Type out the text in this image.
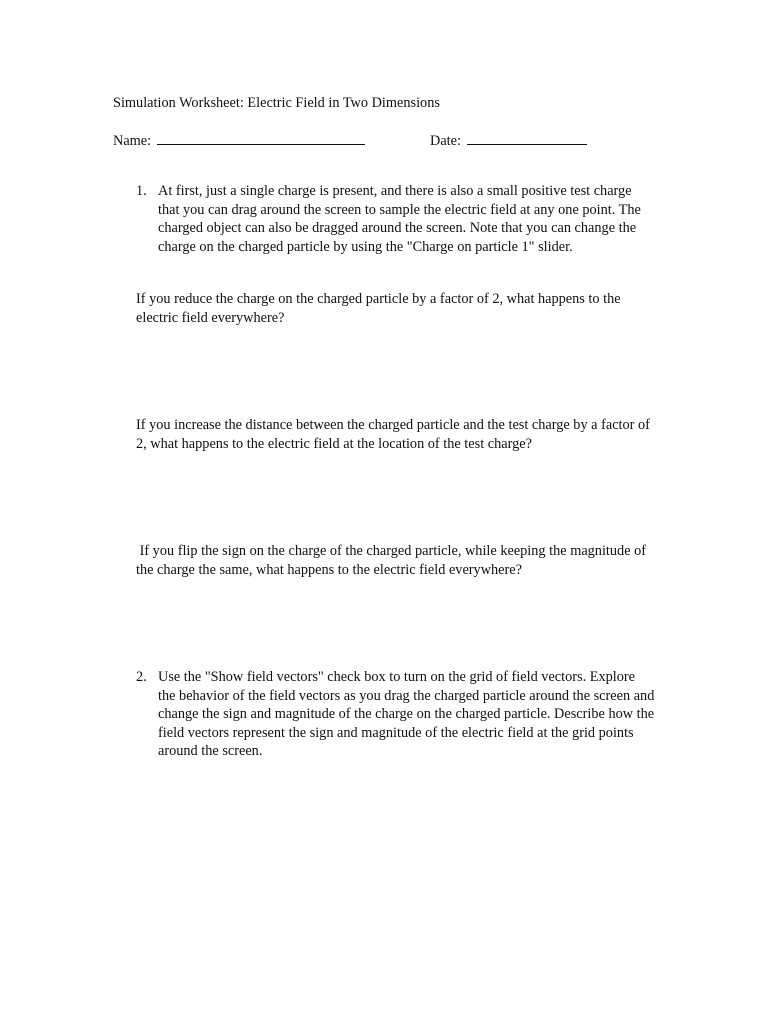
Simulation Worksheet: Electric Field in Two Dimensions
Name:	Date:
1. At first, just a single charge is present, and there is also a small positive test charge that you can drag around the screen to sample the electric field at any one point. The charged object can also be dragged around the screen. Note that you can change the charge on the charged particle by using the "Charge on particle 1" slider.
If you reduce the charge on the charged particle by a factor of 2, what happens to the electric field everywhere?
If you increase the distance between the charged particle and the test charge by a factor of 2, what happens to the electric field at the location of the test charge?
If you flip the sign on the charge of the charged particle, while keeping the magnitude of the charge the same, what happens to the electric field everywhere?
2. Use the "Show field vectors" check box to turn on the grid of field vectors. Explore the behavior of the field vectors as you drag the charged particle around the screen and change the sign and magnitude of the charge on the charged particle. Describe how the field vectors represent the sign and magnitude of the electric field at the grid points around the screen.
